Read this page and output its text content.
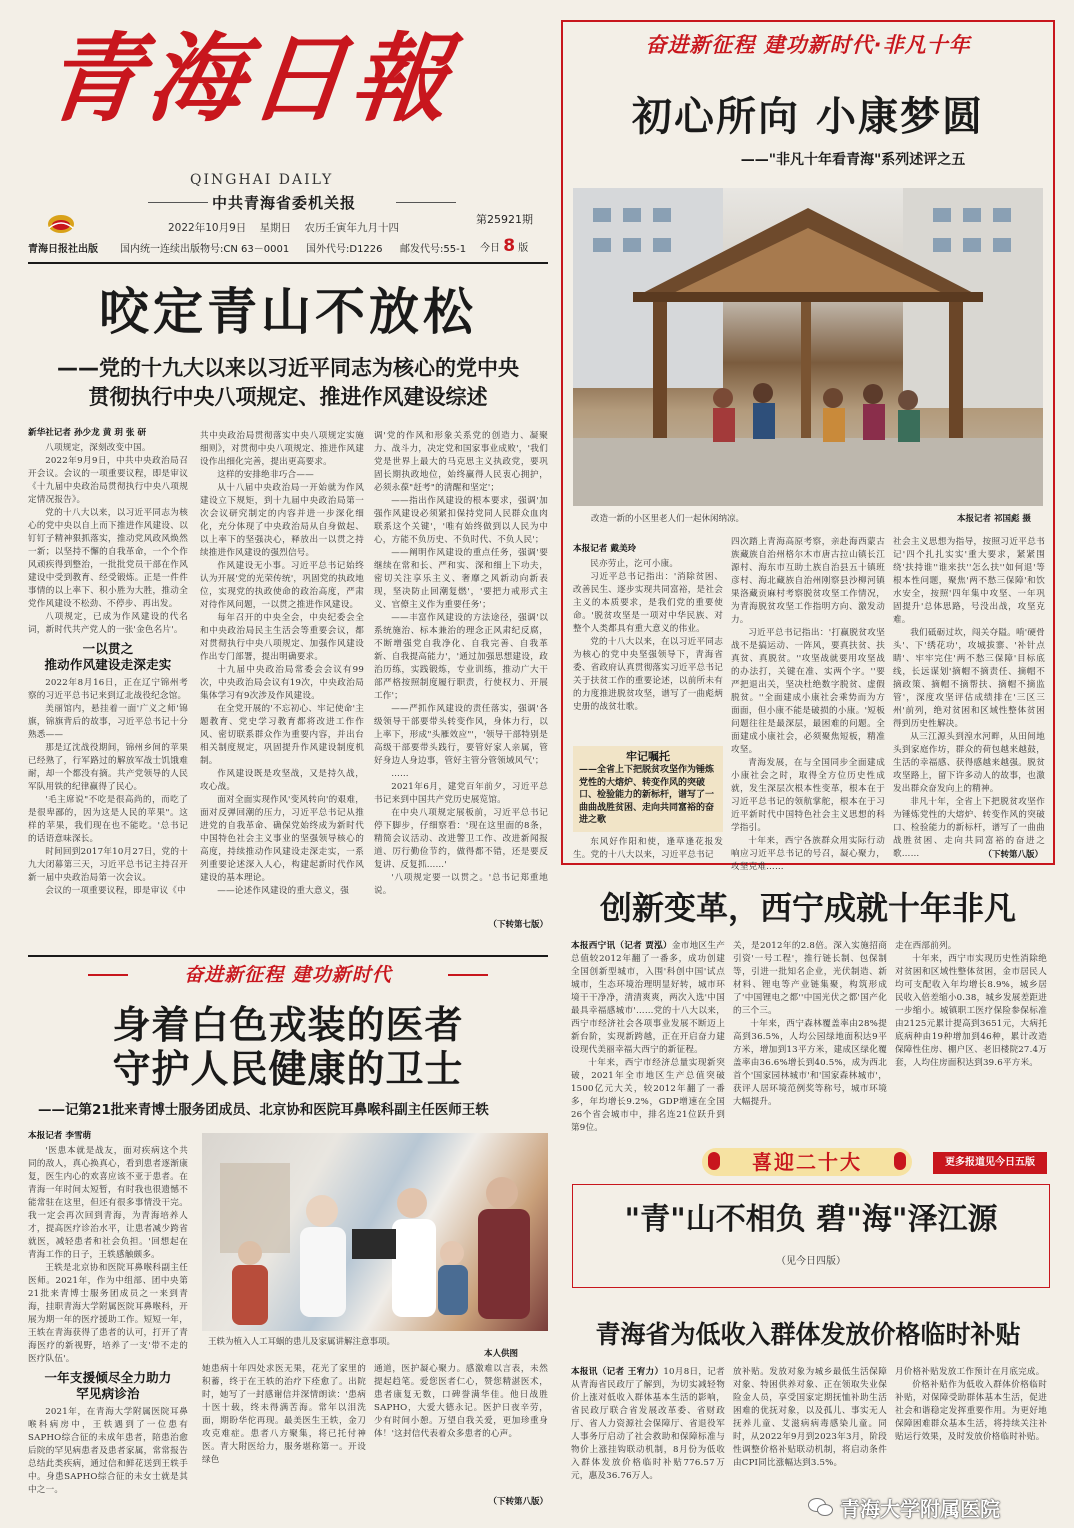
青海日報
QINGHAI DAILY
中共青海省委机关报
2022年10月9日 星期日 农历壬寅年九月十四
第25921期
青海日报社出版 国内统一连续出版物号:CN 63－0001 国外代号:D1226 邮发代号:55-1 今日 8 版
咬定青山不放松
——党的十九大以来以习近平同志为核心的党中央
贯彻执行中央八项规定、推进作风建设综述
新华社记者 孙少龙 黄 玥 张 研

八项规定，深刻改变中国。

2022年9月9日，中共中央政治局召开会议。会议的一项重要议程，即是审议《十九届中央政治局贯彻执行中央八项规定情况报告》。

党的十八大以来，以习近平同志为核心的党中央以自上而下推进作风建设、以钉钉子精神狠抓落实，推动党风政风焕然一新；以坚持不懈的自我革命，一个个作风顽疾得到整治，一批批党员干部在作风建设中受到教育、经受锻炼。正是一件件事情的以上率下、积小胜为大胜，推动全党作风建设不松劲、不停步、再出发。

八项规定，已成为作风建设的代名词，新时代共产党人的一张'金色名片'。

一以贯之
推动作风建设走深走实

2022年8月16日，正在辽宁锦州考察的习近平总书记来到辽北战役纪念馆。

美丽馆内，悬挂着一面'广义之师'锦旗，锦旗背后的故事，习近平总书记十分熟悉——

那是辽沈战役期间，锦州乡间的苹果已经熟了，行军路过的解放军战士饥饿难耐，却一个都没有摘。共产党领导的人民军队用铁的纪律赢得了民心。

'毛主席说"不吃是很高尚的，而吃了是很卑鄙的，因为这是人民的苹果"。这样的苹果，我们现在也不能吃。'总书记的话语意味深长。

时间回到2017年10月27日，党的十九大闭幕第三天，习近平总书记主持召开新一届中央政治局第一次会议。

会议的一项重要议程，即是审议《中

共中央政治局贯彻落实中央八项规定实施细则》，对贯彻中央八项规定、推进作风建设作出细化完善，提出更高要求。

这样的安排绝非巧合——

从十八届中央政治局一开始就为作风建设立下规矩，到十九届中央政治局第一次会议研究制定的内容并进一步深化细化，充分体现了中央政治局从自身做起、以上率下的坚强决心，释放出一以贯之持续推进作风建设的强烈信号。

作风建设无小事。习近平总书记始终认为开展'党的光荣传统'，巩固党的执政地位，实现党的执政使命的政治高度，严肃对待作风问题，一以贯之推进作风建设。

每年召开的中央全会，中央纪委会全和中央政治局民主生活会等重要会议，都对贯彻执行中央八项规定、加强作风建设作出专门部署，提出明确要求。

十九届中央政治局常委会会议有99次，中央政治局会议有19次，中央政治局集体学习有9次涉及作风建设。

在全党开展的'不忘初心、牢记使命'主题教育、党史学习教育都将改进工作作风、密切联系群众作为重要内容，并出台相关制度规定，巩固提升作风建设制度机制。

作风建设既是攻坚战，又是持久战，攻心战。

面对全面实现作风'变风转向'的艰难，面对反弹回潮的压力，习近平总书记从推进党的自我革命、确保党始终成为新时代中国特色社会主义事业的坚强领导核心的高度，持续推动作风建设走深走实，一系列重要论述深入人心，构建起新时代作风建设的基本理论。

——论述作风建设的重大意义，强

调'党的作风和形象关系党的创造力、凝聚力、战斗力，决定党和国家事业成败'，'我们党是世界上最大的马克思主义执政党，要巩固长期执政地位，始终赢得人民衷心拥护，必须永葆"赶考"的清醒和坚定'；

——指出作风建设的根本要求，强调'加强作风建设必须紧扣保持党同人民群众血肉联系这个关键'，'唯有始终做到以人民为中心，方能不负历史、不负时代、不负人民'；

——阐明作风建设的重点任务，强调'要继续在常和长、严和实、深和细上下功夫，密切关注享乐主义、奢靡之风新动向新表现，坚决防止回潮复燃'，'要把力戒形式主义、官僚主义作为重要任务'；

——丰富作风建设的方法途径，强调'以系统施治、标本兼治的理念正风肃纪反腐，不断增强党自我净化、自我完善、自我革新、自我提高能力'，'通过加强思想建设，政治历练，实践锻炼，专业训练，推动广大干部严格按照制度履行职责，行使权力、开展工作'；

——严抓作风建设的责任落实，强调'各级领导干部要带头转变作风，身体力行，以上率下，形成"头雁效应"'，'领导干部特别是高级干部要带头践行，要管好家人亲属，管好身边人身边事，管好主管分管领域风气'；

……

2021年6月，建党百年前夕，习近平总书记来到中国共产党历史展览馆。

在中央八项规定展板前，习近平总书记停下脚步，仔细察看：'现在这里面的8条，精简会议活动、改进警卫工作、改进新闻报道、厉行勤俭节约，做得都不错，还是要反复讲、反复抓……'

'八项规定要一以贯之。'总书记郑重地说。

（下转第七版）
奋进新征程 建功新时代
身着白色戎装的医者
守护人民健康的卫士
——记第21批来青博士服务团成员、北京协和医院耳鼻喉科副主任医师王轶
本报记者 李雪萌

'医患本就是战友，面对疾病这个共同的敌人，真心换真心，看到患者逐渐康复，医生内心的欢喜应该不亚于患者。在青海一年时间太短暂，有时我也很遗憾不能常驻在这里，但还有很多事情没干完。我一定会再次回到青海，为青海培养人才，提高医疗诊治水平，让患者减少跨省就医，减轻患者和社会负担。'回想起在青海工作的日子，王轶感触颇多。

王轶是北京协和医院耳鼻喉科副主任医师。2021年，作为中组部、团中央第21批来青博士服务团成员之一来到青海，挂职青海大学附属医院耳鼻喉科，开展为期一年的医疗援助工作。短短一年，王轶在青海获得了患者的认可，打开了青海医疗的新视野，培养了一支'带不走的医疗队伍'。

一年支援倾尽全力助力
罕见病诊治

2021年，在青海大学附属医院耳鼻喉科病房中，王轶遇到了一位患有SAPHO综合征的未成年患者，陪患治愈后院的罕见病患者及患者家属，常常报告总结此类疾病，通过信和鲜花送到王轶手中。身患SAPHO综合征的未女士就是其中之一。

王轶为植入人工耳蜗的患儿及家属讲解注意事项。
本人供图

她患病十年四处求医无果，花光了家里的积蓄，终于在王轶的治疗下痊愈了。出院时，她写了一封感谢信并深情朗读：'患病十医十载，终未得满苦海。常年以泪洗面，期盼华佗再现。最美医生王轶，金刀攻克难症。患者八方聚集，将已托付神医。青大附医给力，服务堪称第一。开设绿色

通道，医护凝心聚力。感激难以言表，未然提起趋笔。爱您医者仁心，赞您精湛医术，患者康复无数，口碑誉满华佳。他日战胜SAPHO，大爱大德永记。医护日夜辛劳，少有时间小憩。万望自我关爱，更加珍重身体！'这封信代表着众多患者的心声。

（下转第八版）
奋进新征程 建功新时代·非凡十年
初心所向 小康梦圆
——"非凡十年看青海"系列述评之五
改造一新的小区里老人们一起休闲纳凉。	本报记者 祁国彪 摄
本报记者 戴美玲

民亦劳止，汔可小康。

习近平总书记指出：'消除贫困、改善民生、逐步实现共同富裕，是社会主义的本质要求，是我们党的重要使命。'脱贫攻坚是一项对中华民族、对整个人类都具有重大意义的伟业。

党的十八大以来，在以习近平同志为核心的党中央坚强领导下，青海省委、省政府认真贯彻落实习近平总书记关于扶贫工作的重要论述，以前所未有的力度推进脱贫攻坚，谱写了一曲彪炳史册的战贫壮歌。

牢记嘱托
——全省上下把脱贫攻坚作为锤炼党性的大熔炉、转变作风的突破口、检验能力的新标杆，谱写了一曲曲战胜贫困、走向共同富裕的奋进之歌

东风好作阳和使，逢草逢花报发生。党的十八大以来，习近平总书记

四次踏上青海高原考察，亲赴海西蒙古族藏族自治州格尔木市唐古拉山镇长江源村、海东市互助土族自治县五十镇班彦村、海北藏族自治州刚察县沙柳河镇果洛藏贡麻村考察脱贫攻坚工作情况，为青海脱贫攻坚工作指明方向、激发动力。

习近平总书记指出：'打赢脱贫攻坚战不是搞运动、一阵风，要真扶贫、扶真贫、真脱贫。''攻坚战就要用攻坚战的办法打，关键在准、实两个字。''要严把退出关，坚决杜绝数字脱贫、虚假脱贫。''全面建成小康社会乘势而为方面面，但小康不能是破损的小康。'短板问题往往是最深层，最困难的问题。全面建成小康社会，必须聚焦短板，精准攻坚。

青海发展，在与全国同步全面建成小康社会之时，取得全方位历史性成就，发生深层次根本性变革，根本在于习近平总书记的领航掌舵，根本在于习近平新时代中国特色社会主义思想的科学指引。

十年来，西宁各族群众用实际行动响应习近平总书记的号召，凝心聚力，攻坚克难……

社会主义思想为指导，按照习近平总书记'四个扎扎实实'重大要求，紧紧围绕'扶持谁''谁来扶''怎么扶''如何退'等根本性问题，聚焦'两不愁三保障'和饮水安全，按照'四年集中攻坚、一年巩固提升'总体思路，号没出战，攻坚克难。

我们砥砺过坎，闯关夺隘。啃'硬骨头'、下'绣花功'，攻城拔寨、'补针点睛'、牢牢完住'两不愁三保障'目标底线，长远谋划'摘帽不摘责任、摘帽不摘政策、摘帽不摘帮扶、摘帽不摘监管'，深度攻坚评估成绩排在'三区三州'前列，绝对贫困和区域性整体贫困得到历史性解决。

从三江源头到湟水河畔，从田间地头到家庭作坊，群众的荷包越来越鼓，生活的幸福感、获得感越来越强。脱贫攻坚路上，留下许多动人的故事，也激发出群众奋发向上的精神。

非凡十年，全省上下把脱贫攻坚作为锤炼党性的大熔炉、转变作风的突破口、检验能力的新标杆，谱写了一曲曲战胜贫困、走向共同富裕的奋进之歌……	（下转第八版）
创新变革，西宁成就十年非凡

本报西宁讯（记者 贾泓）金市地区生产总值较2012年翻了一番多，成功创建全国创新型城市，入围'科创中国'试点城市，生态环境治理明显好转，城市环境干干净净，清清爽爽，两次入选'中国最具幸福感城市'……党的十八大以来，西宁市经济社会各项事业发展不断迈上新台阶，实现新跨越，正在开启奋力建设现代美丽幸福大西宁的新征程。

十年来，西宁市经济总量实现新突破，2021年全市地区生产总值突破1500亿元大关，较2012年翻了一番多，年均增长9.2%，GDP增速在全国26个省会城市中，排名连21位跃升到第9位。

关，是2012年的2.8倍。深入实施招商引资'一号工程'，推行链长制、包保制等，引进一批知名企业，光伏制造、新材料、锂电等产业链集聚，构筑形成了'中国锂电之都''中国光伏之都'国产化的三个三。

十年来，西宁森林覆盖率由28%提高到36.5%，人均公园绿地面积达9平方米，增加到13平方米，建成区绿化覆盖率由36.6%增长到40.5%，成为西北首个'国家园林城市'和'国家森林城市'，获评人居环境范例奖等称号，城市环境大幅提升。

走在西部前列。

十年来，西宁市实现历史性消除绝对贫困和区域性整体贫困，金市居民人均可支配收入年均增长8.9%，城乡居民收入倍差缩小0.38，城乡发展差距进一步缩小。城镇职工医疗保险参保标准由2125元累计提高到3651元，大病托底病种由19种增加到46种，累计改造保障性住房、棚户区、老旧楼院27.4万套，人均住房面积达到39.6平方米。

更多报道见今日五版
喜迎二十大
"青"山不相负 碧"海"泽江源
（见今日四版）
青海省为低收入群体发放价格临时补贴

本报讯（记者 王宥力）10月8日，记者从青海省民政厅了解到，为切实减轻物价上涨对低收入群体基本生活的影响，省民政厅联合省发展改革委、省财政厅、省人力资源社会保障厅、省退役军人事务厅启动了社会救助和保障标准与物价上涨挂钩联动机制，8月份为低收入群体发放价格临时补贴776.57万元，惠及36.76万人。

放补贴。发放对象为城乡最低生活保障对象、特困供养对象、正在领取失业保险金人员，享受国家定期抚恤补助生活困难的优抚对象，以及孤儿、事实无人抚养儿童、艾滋病病毒感染儿童。同时，从2022年9月到2023年3月，阶段性调整价格补贴联动机制，将启动条件由CPI同比涨幅达到3.5%。

月价格补贴发放工作预计在月底完成。

价格补贴作为低收入群体价格临时补贴，对保障受助群体基本生活，促进社会和谐稳定发挥重要作用。为更好地保障困难群众基本生活，将持续关注补贴运行效果，及时发放价格临时补贴。

青海大学附属医院
